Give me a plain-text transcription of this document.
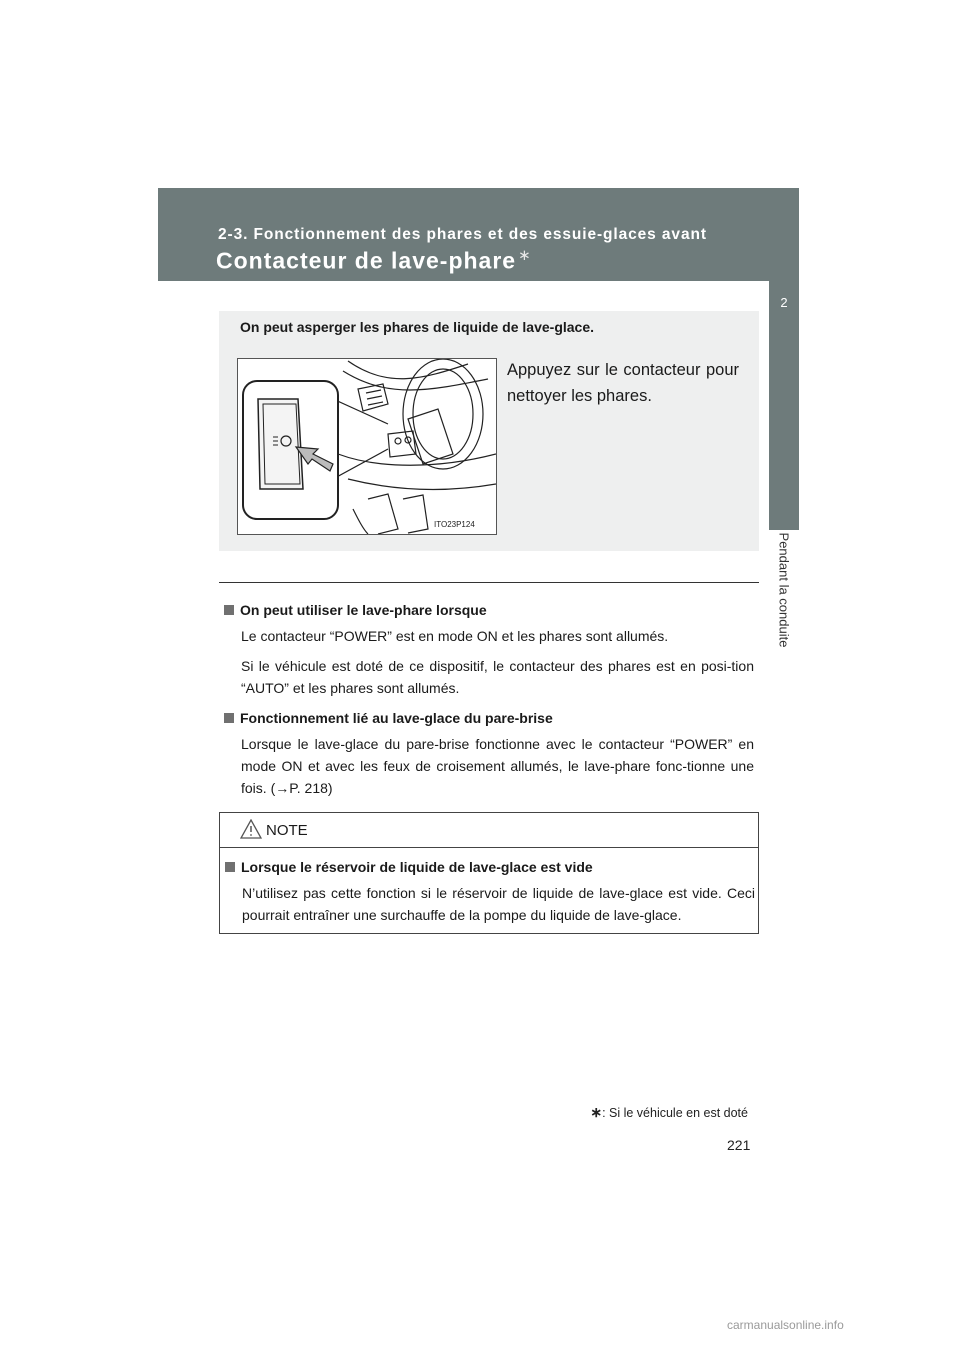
2-3. Fonctionnement des phares et des essuie-glaces avant
Contacteur de lave-phare ∗
2
Pendant la conduite
On peut asperger les phares de liquide de lave-glace.
Appuyez sur le contacteur pour nettoyer les phares.
ITO23P124
On peut utiliser le lave-phare lorsque

Le contacteur “POWER” est en mode ON et les phares sont allumés.

Si le véhicule est doté de ce dispositif, le contacteur des phares est en posi-tion “AUTO” et les phares sont allumés.

Fonctionnement lié au lave-glace du pare-brise

Lorsque le lave-glace du pare-brise fonctionne avec le contacteur “POWER” en mode ON et avec les feux de croisement allumés, le lave-phare fonc-tionne une fois. (→P. 218)

NOTE
Lorsque le réservoir de liquide de lave-glace est vide

N’utilisez pas cette fonction si le réservoir de liquide de lave-glace est vide. Ceci pourrait entraîner une surchauffe de la pompe du liquide de lave-glace.

∗: Si le véhicule en est doté
221
carmanualsonline.info
